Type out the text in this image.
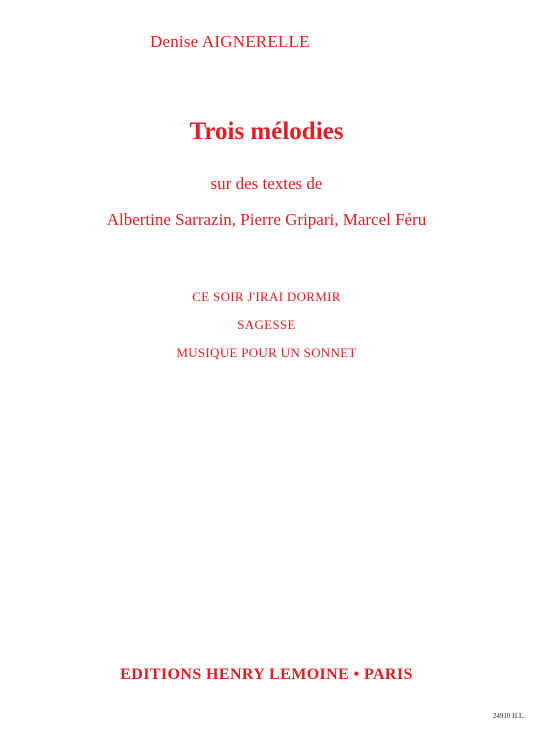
Denise AIGNERELLE
Trois mélodies
sur des textes de
Albertine Sarrazin, Pierre Gripari, Marcel Féru
CE SOIR J'IRAI DORMIR
SAGESSE
MUSIQUE POUR UN SONNET
EDITIONS HENRY LEMOINE • PARIS
24910 H.L.
